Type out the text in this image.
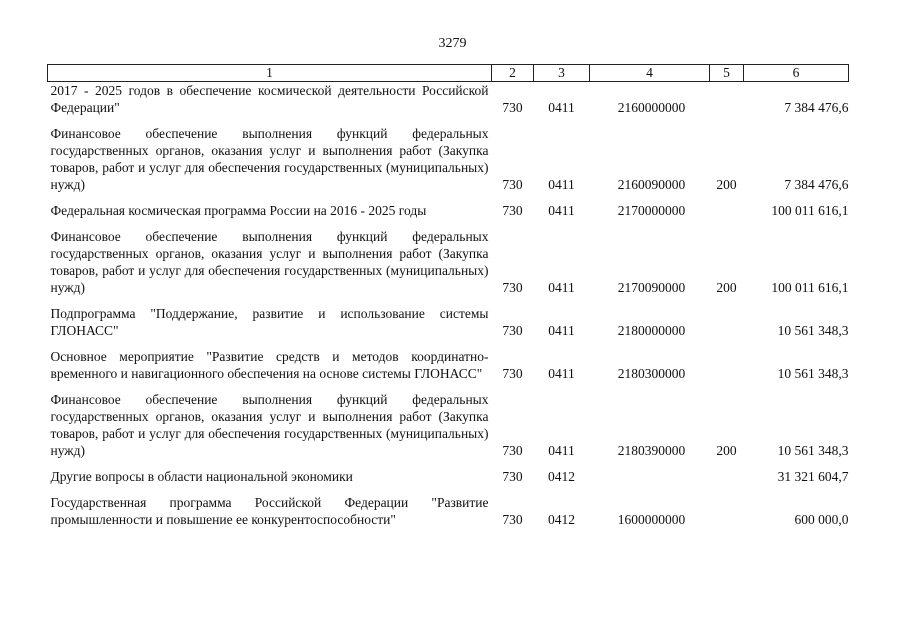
3279
1	2	3	4	5	6
2017 - 2025 годов в обеспечение космической деятельности Российской Федерации"	730	0411	2160000000		7 384 476,6

Финансовое обеспечение выполнения функций федеральных государственных органов, оказания услуг и выполнения работ (Закупка товаров, работ и услуг для обеспечения государственных (муниципальных) нужд)	730	0411	2160090000	200	7 384 476,6

Федеральная космическая программа России на 2016 - 2025 годы	730	0411	2170000000		100 011 616,1

Финансовое обеспечение выполнения функций федеральных государственных органов, оказания услуг и выполнения работ (Закупка товаров, работ и услуг для обеспечения государственных (муниципальных) нужд)	730	0411	2170090000	200	100 011 616,1

Подпрограмма "Поддержание, развитие и использование системы ГЛОНАСС"	730	0411	2180000000		10 561 348,3

Основное мероприятие "Развитие средств и методов координатно-временного и навигационного обеспечения на основе системы ГЛОНАСС"	730	0411	2180300000		10 561 348,3

Финансовое обеспечение выполнения функций федеральных государственных органов, оказания услуг и выполнения работ (Закупка товаров, работ и услуг для обеспечения государственных (муниципальных) нужд)	730	0411	2180390000	200	10 561 348,3

Другие вопросы в области национальной экономики	730	0412			31 321 604,7

Государственная программа Российской Федерации "Развитие промышленности и повышение ее конкурентоспособности"	730	0412	1600000000		600 000,0
